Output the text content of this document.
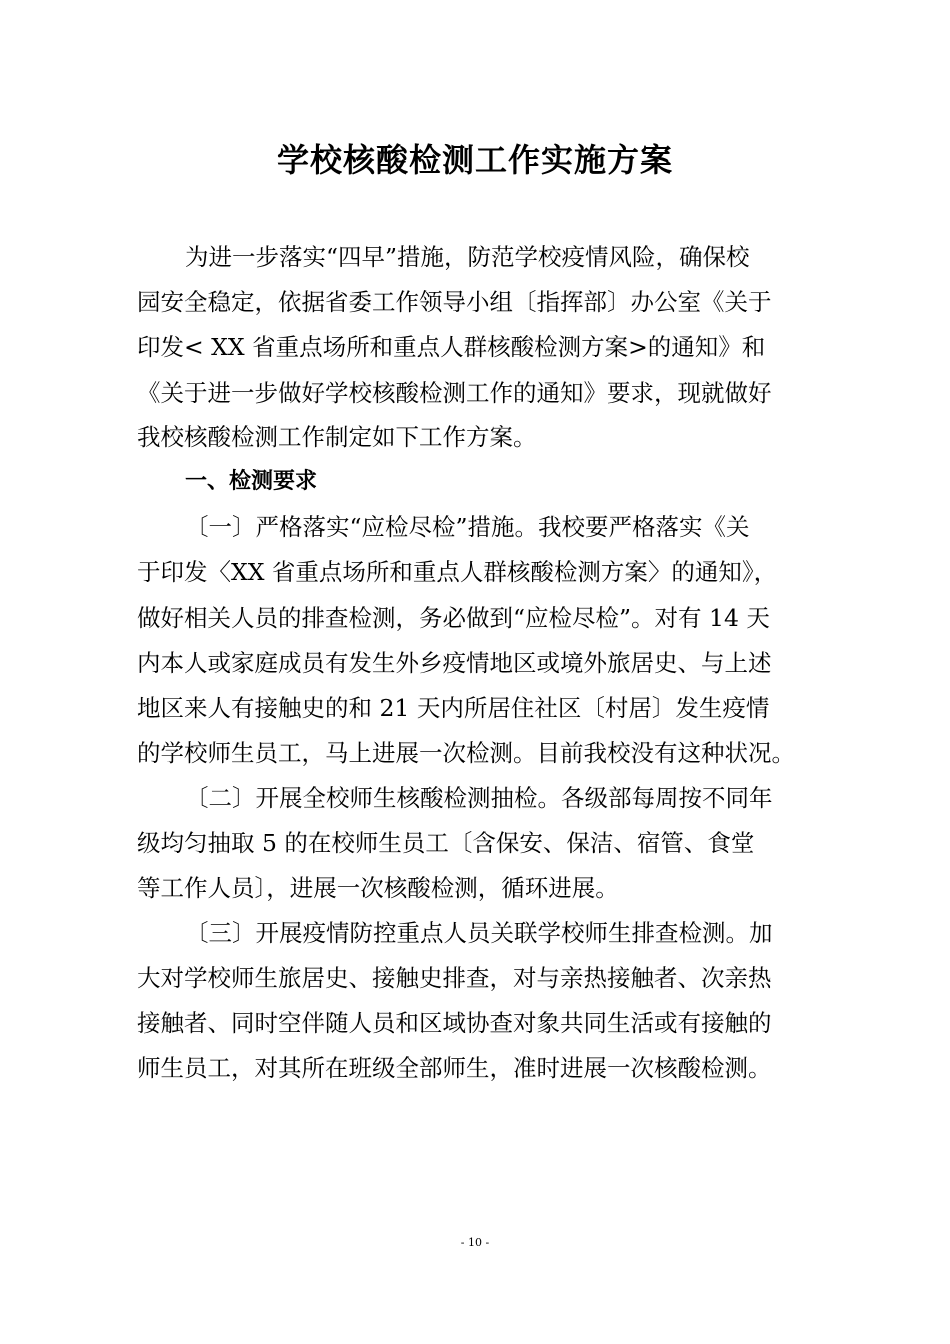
学校核酸检测工作实施方案

为进一步落实“四早”措施，防范学校疫情风险，确保校

园安全稳定，依据省委工作领导小组〔指挥部〕办公室《关于

印发< XX 省重点场所和重点人群核酸检测方案>的通知》和

《关于进一步做好学校核酸检测工作的通知》要求，现就做好

我校核酸检测工作制定如下工作方案。

一、检测要求

〔一〕严格落实“应检尽检”措施。我校要严格落实《关

于印发〈XX 省重点场所和重点人群核酸检测方案〉的通知》，

做好相关人员的排查检测，务必做到“应检尽检”。对有 14 天

内本人或家庭成员有发生外乡疫情地区或境外旅居史、与上述

地区来人有接触史的和 21 天内所居住社区〔村居〕发生疫情

的学校师生员工，马上进展一次检测。目前我校没有这种状况。

〔二〕开展全校师生核酸检测抽检。各级部每周按不同年

级均匀抽取 5 的在校师生员工〔含保安、保洁、宿管、食堂

等工作人员〕，进展一次核酸检测，循环进展。

〔三〕开展疫情防控重点人员关联学校师生排查检测。加

大对学校师生旅居史、接触史排查，对与亲热接触者、次亲热

接触者、同时空伴随人员和区域协查对象共同生活或有接触的

师生员工，对其所在班级全部师生，准时进展一次核酸检测。

- 10 -
